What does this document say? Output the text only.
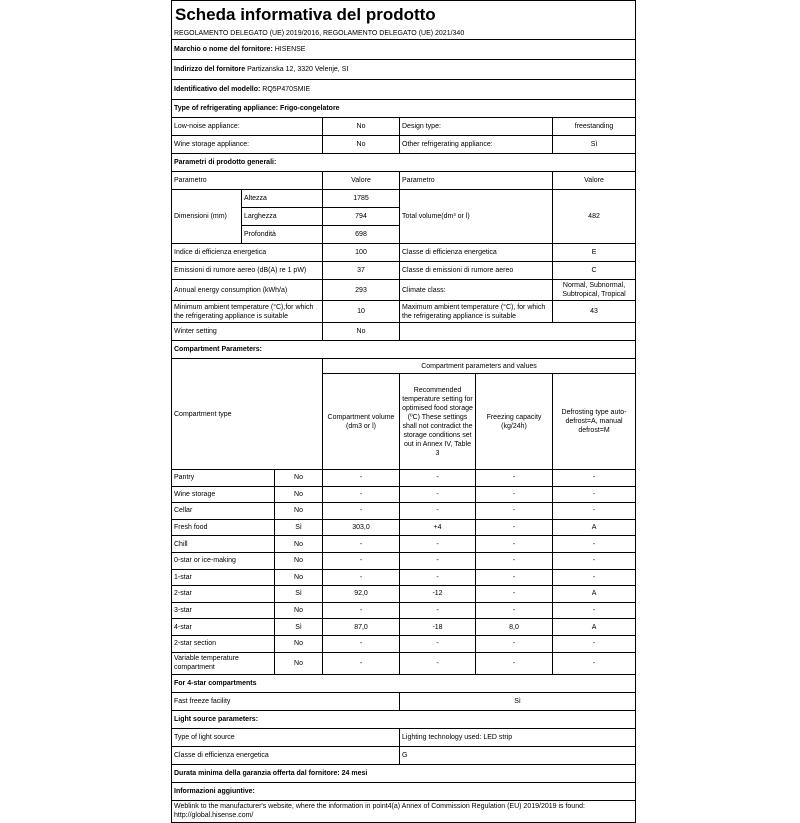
Scheda informativa del prodotto						
REGOLAMENTO DELEGATO (UE) 2019/2016, REGOLAMENTO DELEGATO (UE) 2021/340						
Marchio o nome del fornitore: HISENSE						
Indirizzo del fornitore Partizanska 12, 3320 Velenje, SI						
Identificativo del modello: RQ5P470SMIE						
Type of refrigerating appliance: Frigo-congelatore						
Low-noise appliance:			No	Design type:		freestanding
Wine storage appliance:			No	Other refrigerating appliance:		Sì
Parametri di prodotto generali:						
Parametro			Valore	Parametro		Valore
Dimensioni (mm)	Altezza		1785	Total volume(dm³ or l)		482
	Larghezza		794			
	Profondità		698			
Indice di efficienza energetica			100	Classe di efficienza energetica		E
Emissioni di rumore aereo (dB(A) re 1 pW)			37	Classe di emissioni di rumore aereo		C
Annual energy consumption (kWh/a)			293	Climate class:		Normal, Subnormal, Subtropical, Tropical
Minimum ambient temperature (°C),for which the refrigerating appliance is suitable			10	Maximum ambient temperature (°C), for which the refrigerating appliance is suitable		43
Winter setting			No			
Compartment Parameters:						
Compartment type			Compartment parameters and values			
			Compartment volume (dm3 or l)	Recommended temperature setting for optimised food storage (ºC) These settings shall not contradict the storage conditions set out in Annex IV, Table 3	Freezing capacity (kg/24h)	Defrosting type auto-defrost=A, manual defrost=M
Pantry		No	-	-	-	-
Wine storage		No	-	-	-	-
Cellar		No	-	-	-	-
Fresh food		Sì	303,0	+4	-	A
Chill		No	-	-	-	-
0-star or ice-making		No	-	-	-	-
1-star		No	-	-	-	-
2-star		Sì	92,0	-12	-	A
3-star		No	-	-	-	-
4-star		Sì	87,0	-18	8,0	A
2-star section		No	-	-	-	-
Variable temperature compartment		No	-	-	-	-
For 4-star compartments						
Fast freeze facility				Sì		
Light source parameters:						
Type of light source				Lighting technology used: LED strip		
Classe di efficienza energetica				G		
Durata minima della garanzia offerta dal fornitore: 24 mesi						
Informazioni aggiuntive:						
Weblink to the manufacturer's website, where the information in point4(a) Annex of Commission Regulation (EU) 2019/2019 is found: http://global.hisense.com/						
